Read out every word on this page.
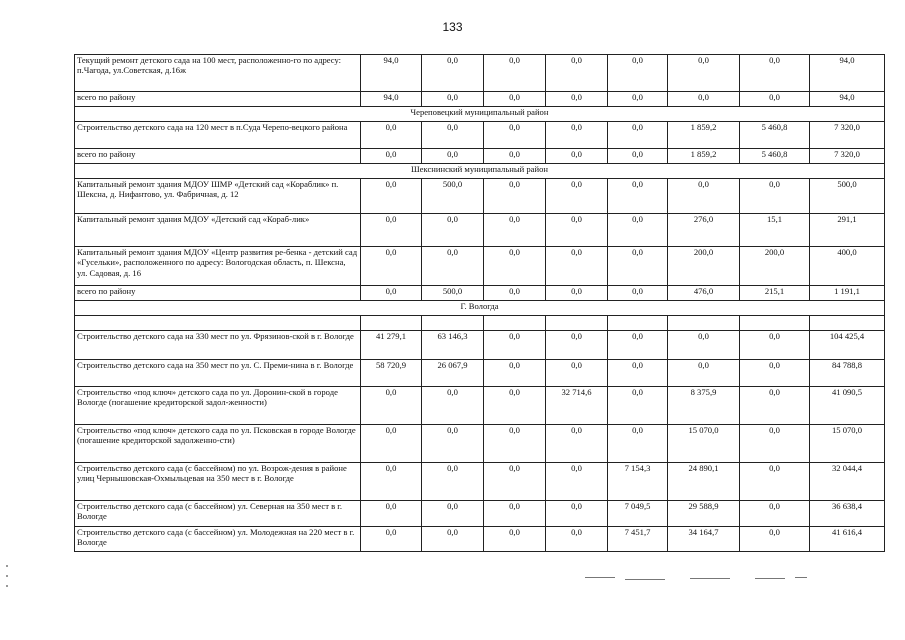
133
Текущий ремонт детского сада на 100 мест, расположенно-го по адресу: п.Чагода, ул.Советская, д.16ж	94,0	0,0	0,0	0,0	0,0	0,0	0,0	94,0
всего по району	94,0	0,0	0,0	0,0	0,0	0,0	0,0	94,0
Череповецкий муниципальный район								
Строительство детского сада на 120 мест в п.Суда Черепо-вецкого района	0,0	0,0	0,0	0,0	0,0	1 859,2	5 460,8	7 320,0
всего по району	0,0	0,0	0,0	0,0	0,0	1 859,2	5 460,8	7 320,0
Шекснинский муниципальный район								
Капитальный ремонт здания МДОУ ШМР «Детский сад «Кораблик» п. Шексна, д. Нифантово, ул. Фабричная, д. 12	0,0	500,0	0,0	0,0	0,0	0,0	0,0	500,0
Капитальный ремонт здания МДОУ «Детский сад «Кораб-лик»	0,0	0,0	0,0	0,0	0,0	276,0	15,1	291,1
Капитальный ремонт здания МДОУ «Центр развития ре-бенка - детский сад «Гусельки», расположенного по адресу: Вологодская область, п. Шексна, ул. Садовая, д. 16	0,0	0,0	0,0	0,0	0,0	200,0	200,0	400,0
всего по району	0,0	500,0	0,0	0,0	0,0	476,0	215,1	1 191,1
Г. Вологда								

Строительство детского сада на 330 мест по ул. Фрязинов-ской в г. Вологде	41 279,1	63 146,3	0,0	0,0	0,0	0,0	0,0	104 425,4
Строительство детского сада на 350 мест по ул. С. Преми-нина в г. Вологде	58 720,9	26 067,9	0,0	0,0	0,0	0,0	0,0	84 788,8
Строительство «под ключ» детского сада по ул. Доронин-ской в городе Вологде (погашение кредиторской задол-женности)	0,0	0,0	0,0	32 714,6	0,0	8 375,9	0,0	41 090,5
Строительство «под ключ» детского сада по ул. Псковская в городе Вологде (погашение кредиторской задолженно-сти)	0,0	0,0	0,0	0,0	0,0	15 070,0	0,0	15 070,0
Строительство детского сада (с бассейном) по ул. Возрож-дения в районе улиц Чернышовская-Охмыльцевая на 350 мест в г. Вологде	0,0	0,0	0,0	0,0	7 154,3	24 890,1	0,0	32 044,4
Строительство детского сада (с бассейном) ул. Северная на 350 мест в г. Вологде	0,0	0,0	0,0	0,0	7 049,5	29 588,9	0,0	36 638,4
Строительство детского сада (с бассейном) ул. Молодежная на 220 мест в г. Вологде	0,0	0,0	0,0	0,0	7 451,7	34 164,7	0,0	41 616,4
